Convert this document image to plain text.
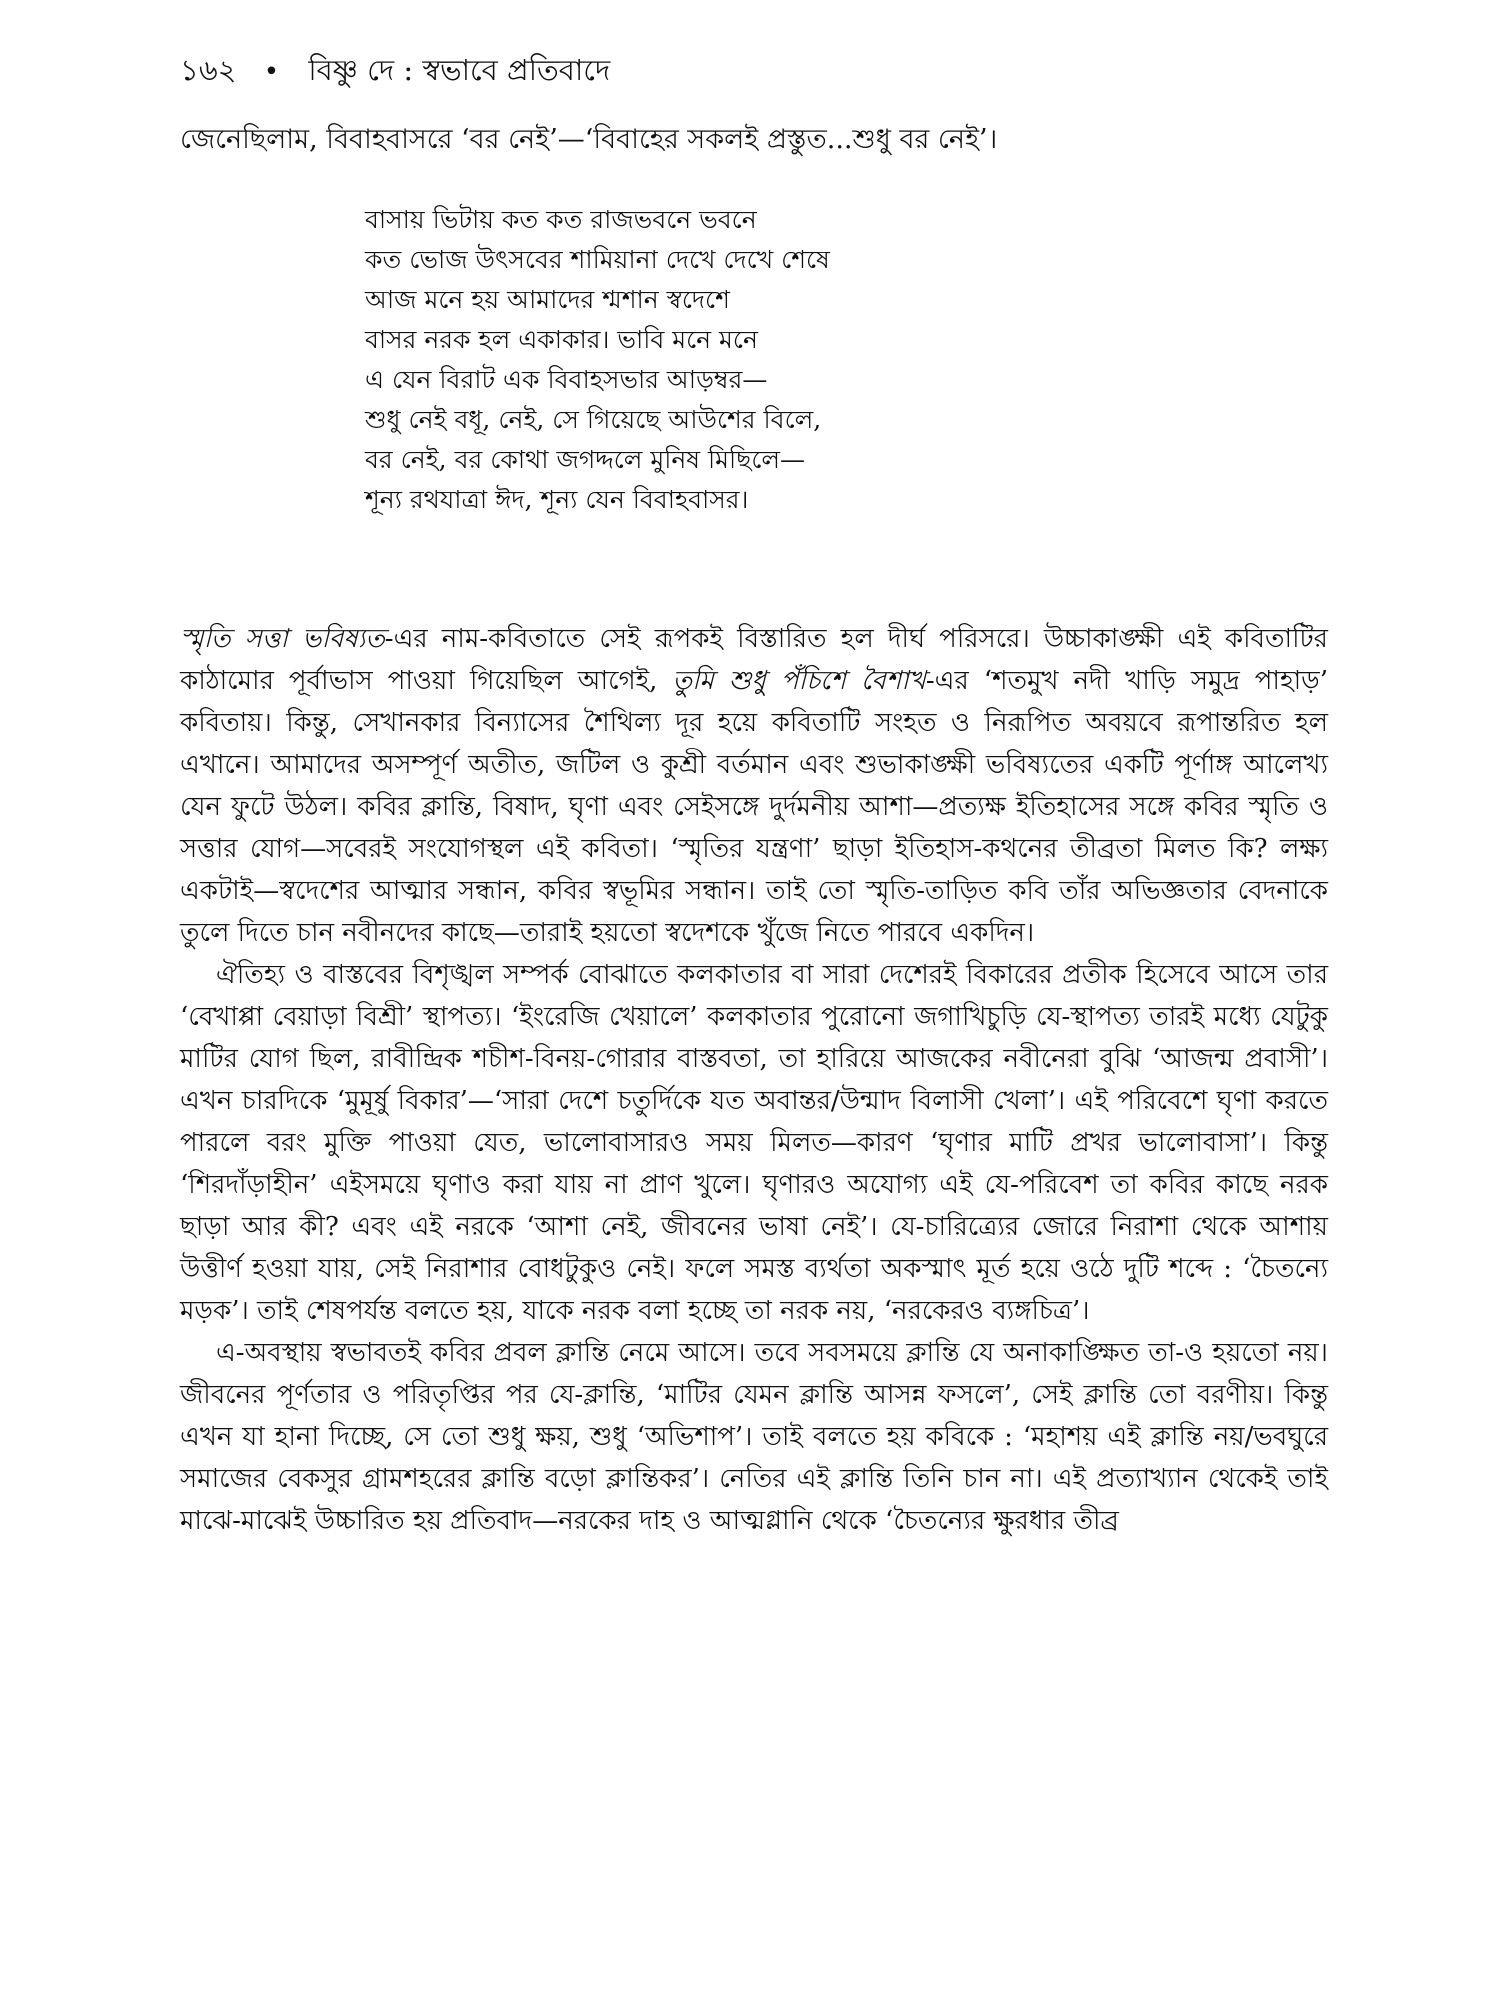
১৬২ • বিষ্ণু দে : স্বভাবে প্রতিবাদে
জেনেছিলাম, বিবাহবাসরে ‘বর নেই’—‘বিবাহের সকলই প্রস্তুত...শুধু বর নেই’।
বাসায় ভিটায় কত কত রাজভবনে ভবনে
কত ভোজ উৎসবের শামিয়ানা দেখে দেখে শেষে
আজ মনে হয় আমাদের শ্মশান স্বদেশে
বাসর নরক হল একাকার। ভাবি মনে মনে
এ যেন বিরাট এক বিবাহসভার আড়ম্বর—
শুধু নেই বধূ, নেই, সে গিয়েছে আউশের বিলে,
বর নেই, বর কোথা জগদ্দলে মুনিষ মিছিলে—
শূন্য রথযাত্রা ঈদ, শূন্য যেন বিবাহবাসর।

স্মৃতি সত্তা ভবিষ্যত-এর নাম-কবিতাতে সেই রূপকই বিস্তারিত হল দীর্ঘ পরিসরে। উচ্চাকাঙ্ক্ষী এই কবিতাটির কাঠামোর পূর্বাভাস পাওয়া গিয়েছিল আগেই, তুমি শুধু পঁচিশে বৈশাখ-এর ‘শতমুখ নদী খাড়ি সমুদ্র পাহাড়’ কবিতায়। কিন্তু, সেখানকার বিন্যাসের শৈথিল্য দূর হয়ে কবিতাটি সংহত ও নিরূপিত অবয়বে রূপান্তরিত হল এখানে। আমাদের অসম্পূর্ণ অতীত, জটিল ও কুশ্রী বর্তমান এবং শুভাকাঙ্ক্ষী ভবিষ্যতের একটি পূর্ণাঙ্গ আলেখ্য যেন ফুটে উঠল। কবির ক্লান্তি, বিষাদ, ঘৃণা এবং সেইসঙ্গে দুর্দমনীয় আশা—প্রত্যক্ষ ইতিহাসের সঙ্গে কবির স্মৃতি ও সত্তার যোগ—সবেরই সংযোগস্থল এই কবিতা। ‘স্মৃতির যন্ত্রণা’ ছাড়া ইতিহাস-কথনের তীব্রতা মিলত কি? লক্ষ্য একটাই—স্বদেশের আত্মার সন্ধান, কবির স্বভূমির সন্ধান। তাই তো স্মৃতি-তাড়িত কবি তাঁর অভিজ্ঞতার বেদনাকে তুলে দিতে চান নবীনদের কাছে—তারাই হয়তো স্বদেশকে খুঁজে নিতে পারবে একদিন।

ঐতিহ্য ও বাস্তবের বিশৃঙ্খল সম্পর্ক বোঝাতে কলকাতার বা সারা দেশেরই বিকারের প্রতীক হিসেবে আসে তার ‘বেখাপ্পা বেয়াড়া বিশ্রী’ স্থাপত্য। ‘ইংরেজি খেয়ালে’ কলকাতার পুরোনো জগাখিচুড়ি যে-স্থাপত্য তারই মধ্যে যেটুকু মাটির যোগ ছিল, রাবীন্দ্রিক শচীশ-বিনয়-গোরার বাস্তবতা, তা হারিয়ে আজকের নবীনেরা বুঝি ‘আজন্ম প্রবাসী’। এখন চারদিকে ‘মুমূর্ষু বিকার’—‘সারা দেশে চতুর্দিকে যত অবান্তর/উন্মাদ বিলাসী খেলা’। এই পরিবেশে ঘৃণা করতে পারলে বরং মুক্তি পাওয়া যেত, ভালোবাসারও সময় মিলত—কারণ ‘ঘৃণার মাটি প্রখর ভালোবাসা’। কিন্তু ‘শিরদাঁড়াহীন’ এইসময়ে ঘৃণাও করা যায় না প্রাণ খুলে। ঘৃণারও অযোগ্য এই যে-পরিবেশ তা কবির কাছে নরক ছাড়া আর কী? এবং এই নরকে ‘আশা নেই, জীবনের ভাষা নেই’। যে-চারিত্র্যের জোরে নিরাশা থেকে আশায় উত্তীর্ণ হওয়া যায়, সেই নিরাশার বোধটুকুও নেই। ফলে সমস্ত ব্যর্থতা অকস্মাৎ মূর্ত হয়ে ওঠে দুটি শব্দে : ‘চৈতন্যে মড়ক’। তাই শেষপর্যন্ত বলতে হয়, যাকে নরক বলা হচ্ছে তা নরক নয়, ‘নরকেরও ব্যঙ্গচিত্র’।

এ-অবস্থায় স্বভাবতই কবির প্রবল ক্লান্তি নেমে আসে। তবে সবসময়ে ক্লান্তি যে অনাকাঙ্ক্ষিত তা-ও হয়তো নয়। জীবনের পূর্ণতার ও পরিতৃপ্তির পর যে-ক্লান্তি, ‘মাটির যেমন ক্লান্তি আসন্ন ফসলে’, সেই ক্লান্তি তো বরণীয়। কিন্তু এখন যা হানা দিচ্ছে, সে তো শুধু ক্ষয়, শুধু ‘অভিশাপ’। তাই বলতে হয় কবিকে : ‘মহাশয় এই ক্লান্তি নয়/ভবঘুরে সমাজের বেকসুর গ্রামশহরের ক্লান্তি বড়ো ক্লান্তিকর’। নেতির এই ক্লান্তি তিনি চান না। এই প্রত্যাখ্যান থেকেই তাই মাঝে-মাঝেই উচ্চারিত হয় প্রতিবাদ—নরকের দাহ ও আত্মগ্লানি থেকে ‘চৈতন্যের ক্ষুরধার তীব্র
